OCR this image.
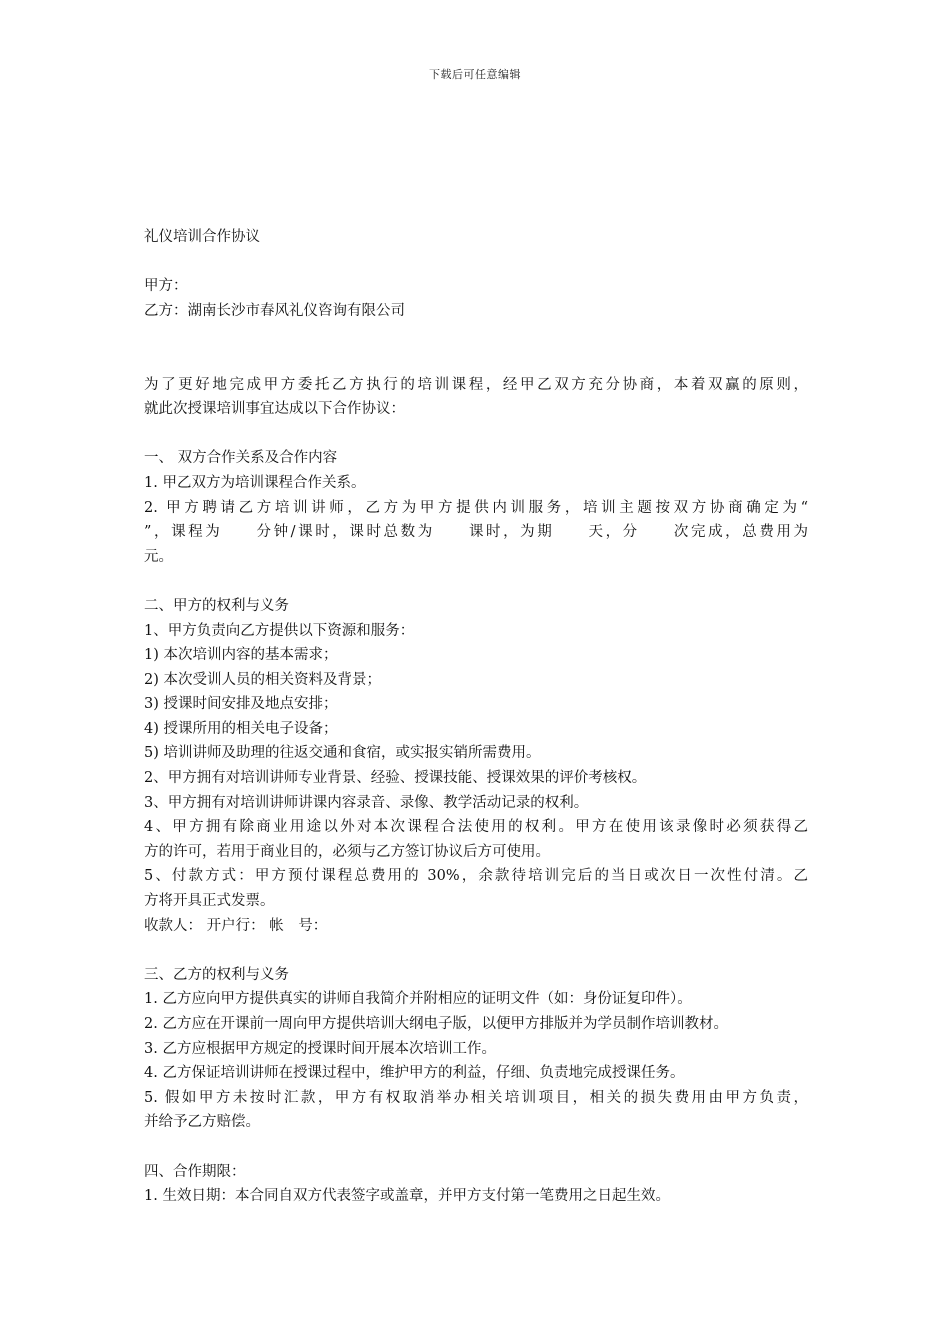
下载后可任意编辑
礼仪培训合作协议
甲方：
乙方：湖南长沙市春风礼仪咨询有限公司
为了更好地完成甲方委托乙方执行的培训课程，经甲乙双方充分协商，本着双赢的原则，
就此次授课培训事宜达成以下合作协议：
一、 双方合作关系及合作内容
1. 甲乙双方为培训课程合作关系。
2. 甲方聘请乙方培训讲师，乙方为甲方提供内训服务，培训主题按双方协商确定为“
”，课程为　　分钟/课时，课时总数为　　课时，为期　　天，分　　次完成，总费用为
元。
二、甲方的权利与义务
1、甲方负责向乙方提供以下资源和服务：
1) 本次培训内容的基本需求；
2) 本次受训人员的相关资料及背景；
3) 授课时间安排及地点安排；
4) 授课所用的相关电子设备；
5) 培训讲师及助理的往返交通和食宿，或实报实销所需费用。
2、甲方拥有对培训讲师专业背景、经验、授课技能、授课效果的评价考核权。
3、甲方拥有对培训讲师讲课内容录音、录像、教学活动记录的权利。
4、甲方拥有除商业用途以外对本次课程合法使用的权利。甲方在使用该录像时必须获得乙
方的许可，若用于商业目的，必须与乙方签订协议后方可使用。
5、付款方式：甲方预付课程总费用的 30%，余款待培训完后的当日或次日一次性付清。乙
方将开具正式发票。
收款人： 开户行： 帐　号：
三、乙方的权利与义务
1. 乙方应向甲方提供真实的讲师自我简介并附相应的证明文件（如：身份证复印件）。
2. 乙方应在开课前一周向甲方提供培训大纲电子版，以便甲方排版并为学员制作培训教材。
3. 乙方应根据甲方规定的授课时间开展本次培训工作。
4. 乙方保证培训讲师在授课过程中，维护甲方的利益，仔细、负责地完成授课任务。
5. 假如甲方未按时汇款，甲方有权取消举办相关培训项目，相关的损失费用由甲方负责，
并给予乙方赔偿。
四、合作期限：
1. 生效日期：本合同自双方代表签字或盖章，并甲方支付第一笔费用之日起生效。
